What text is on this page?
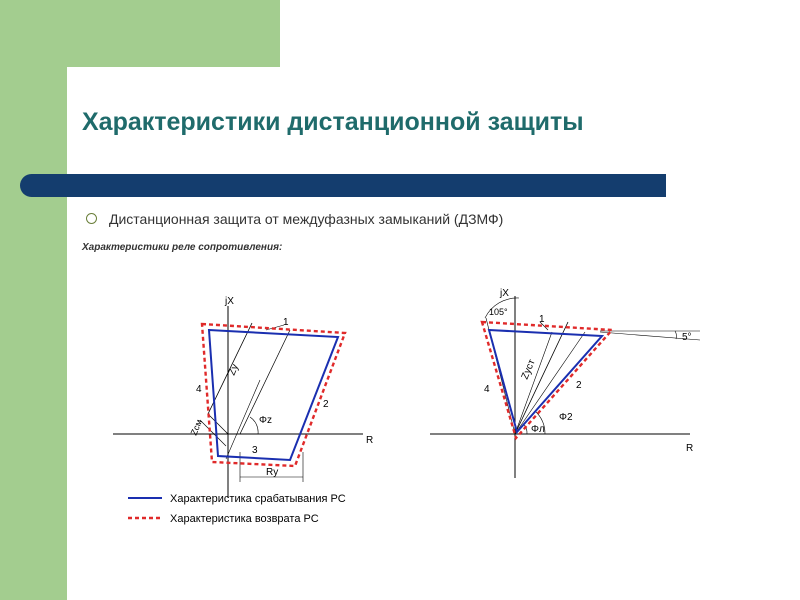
Характеристики дистанционной защиты
Дистанционная защита от междуфазных замыканий (ДЗМФ)
Характеристики реле сопротивления:
jX
R
1
2
3
4
Zy
Zсм	Φz
Ry
jX
R
105°
5°
1
2
4
Zуст
Φ2
Φл
Характеристика срабатывания РС
Характеристика возврата РС
